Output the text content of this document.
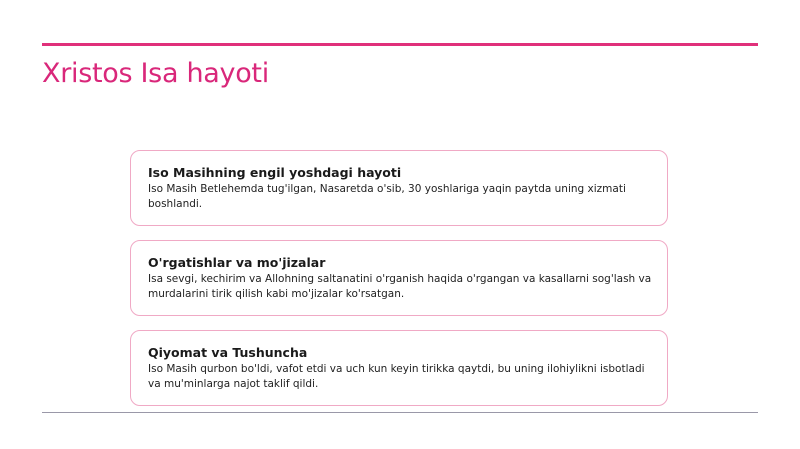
Xristos Isa hayoti

Iso Masihning engil yoshdagi hayoti

Iso Masih Betlehemda tug'ilgan, Nasaretda o'sib, 30 yoshlariga yaqin paytda uning xizmati boshlandi.

O'rgatishlar va mo'jizalar

Isa sevgi, kechirim va Allohning saltanatini o'rganish haqida o'rgangan va kasallarni sog'lash va murdalarini tirik qilish kabi mo'jizalar ko'rsatgan.

Qiyomat va Tushuncha

Iso Masih qurbon bo'ldi, vafot etdi va uch kun keyin tirikka qaytdi, bu uning ilohiylikni isbotladi va mu'minlarga najot taklif qildi.
